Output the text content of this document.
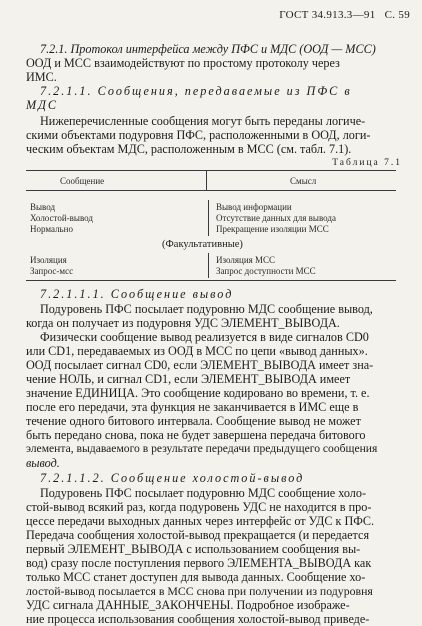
ГОСТ 34.913.3—91 С. 59
7.2.1. Протокол интерфейса между ПФС и МДС (ООД — МСС)
ООД и МСС взаимодействуют по простому протоколу через
ИМС.
7.2.1.1. Сообщения, передаваемые из ПФС в
МДС
Нижеперечисленные сообщения могут быть переданы логиче-
скими объектами подуровня ПФС, расположенными в ООД, логи-
ческим объектам МДС, расположенным в МСС (см. табл. 7.1).
Таблица 7.1
Сообщение	Смысл
Вывод
Холостой-вывод
Нормально
Вывод информации
Отсутствие данных для вывода
Прекращение изоляции МСС
(Факультативные)
Изоляция
Запрос-мсс
Изоляция МСС
Запрос доступности МСС
7.2.1.1.1. Сообщение вывод
Подуровень ПФС посылает подуровню МДС сообщение вывод,
когда он получает из подуровня УДС ЭЛЕМЕНТ_ВЫВОДА.
Физически сообщение вывод реализуется в виде сигналов CD0
или CD1, передаваемых из ООД в МСС по цепи «вывод данных».
ООД посылает сигнал CD0, если ЭЛЕМЕНТ_ВЫВОДА имеет зна-
чение НОЛЬ, и сигнал CD1, если ЭЛЕМЕНТ_ВЫВОДА имеет
значение ЕДИНИЦА. Это сообщение кодировано во времени, т. е.
после его передачи, эта функция не заканчивается в ИМС еще в
течение одного битового интервала. Сообщение вывод не может
быть передано снова, пока не будет завершена передача битового
элемента, выдаваемого в результате передачи предыдущего сообщения
вывод.
7.2.1.1.2. Сообщение холостой-вывод
Подуровень ПФС посылает подуровню МДС сообщение холо-
стой-вывод всякий раз, когда подуровень УДС не находится в про-
цессе передачи выходных данных через интерфейс от УДС к ПФС.
Передача сообщения холостой-вывод прекращается (и передается
первый ЭЛЕМЕНТ_ВЫВОДА с использованием сообщения вы-
вод) сразу после поступления первого ЭЛЕМЕНТА_ВЫВОДА как
только МСС станет доступен для вывода данных. Сообщение хо-
лостой-вывод посылается в МСС снова при получении из подуровня
УДС сигнала ДАННЫЕ_ЗАКОНЧЕНЫ. Подробное изображе-
ние процесса использования сообщения холостой-вывод приведе-
